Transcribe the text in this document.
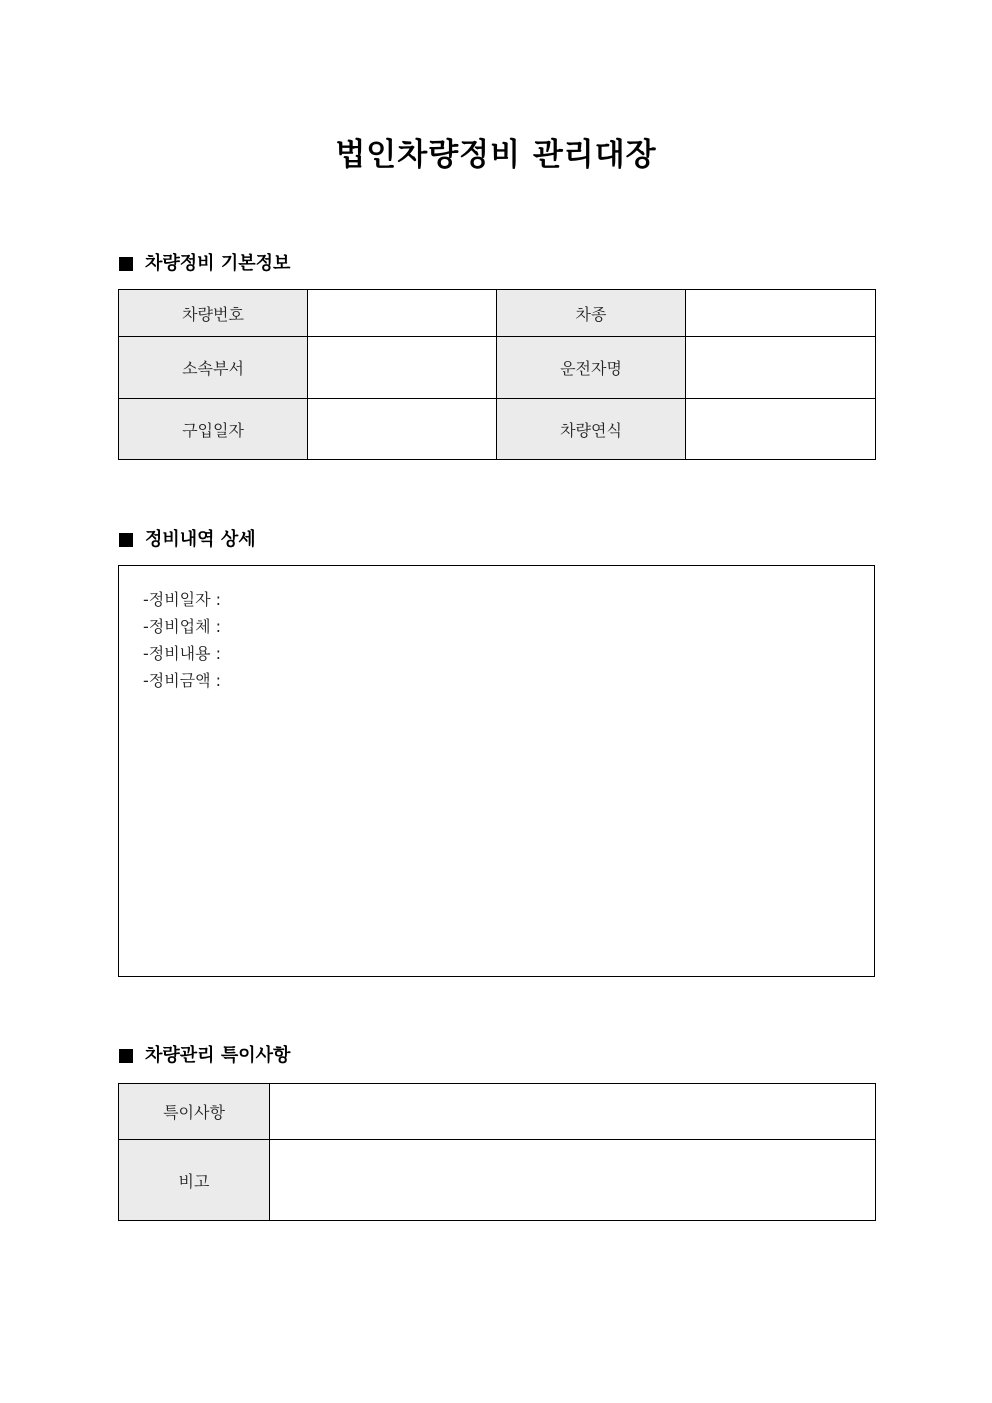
법인차량정비 관리대장
차량정비 기본정보
차량번호		차종	
소속부서		운전자명	
구입일자		차량연식	
정비내역 상세
-정비일자 :
-정비업체 :
-정비내용 :
-정비금액 :
차량관리 특이사항
특이사항	
비고	
